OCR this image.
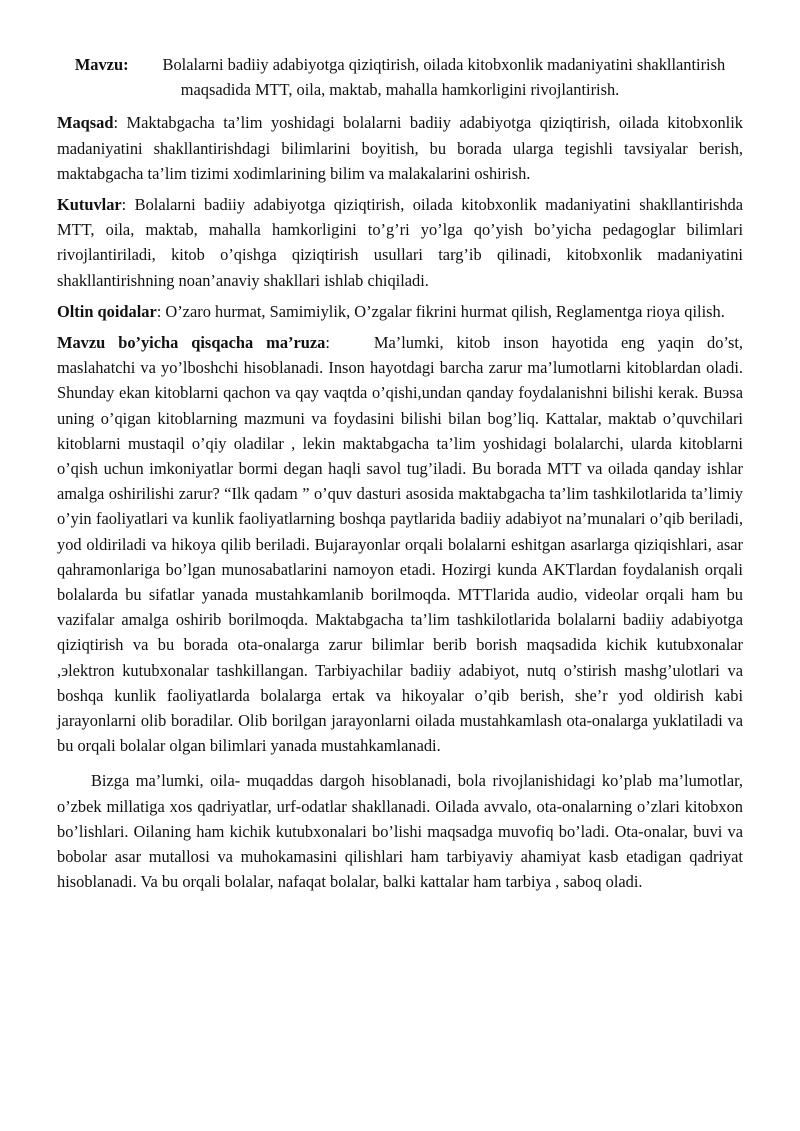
Mavzu: Bolalarni badiiy adabiyotga qiziqtirish, oilada kitobxonlik madaniyatini shakllantirish maqsadida MTT, oila, maktab, mahalla hamkorligini rivojlantirish.

Maqsad: Maktabgacha ta’lim yoshidagi bolalarni badiiy adabiyotga qiziqtirish, oilada kitobxonlik madaniyatini shakllantirishdagi bilimlarini boyitish, bu borada ularga tegishli tavsiyalar berish, maktabgacha ta’lim tizimi xodimlarining bilim va malakalarini oshirish.

Kutuvlar: Bolalarni badiiy adabiyotga qiziqtirish, oilada kitobxonlik madaniyatini shakllantirishda MTT, oila, maktab, mahalla hamkorligini to’g’ri yo’lga qo’yish bo’yicha pedagoglar bilimlari rivojlantiriladi, kitob o’qishga qiziqtirish usullari targ’ib qilinadi, kitobxonlik madaniyatini shakllantirishning noan’anaviy shakllari ishlab chiqiladi.

Oltin qoidalar: O’zaro hurmat, Samimiylik, O’zgalar fikrini hurmat qilish, Reglamentga rioya qilish.

Mavzu bo’yicha qisqacha ma’ruza:	Ma’lumki, kitob inson hayotida eng yaqin do’st, maslahatchi va yo’lboshchi hisoblanadi. Inson hayotdagi barcha zarur ma’lumotlarni kitoblardan oladi. Shunday ekan kitoblarni qachon va qay vaqtda o’qishi,undan qanday foydalanishni bilishi kerak. Buэsa uning o’qigan kitoblarning mazmuni va foydasini bilishi bilan bog’liq. Kattalar, maktab o’quvchilari kitoblarni mustaqil o’qiy oladilar , lekin maktabgacha ta’lim yoshidagi bolalarchi, ularda kitoblarni o’qish uchun imkoniyatlar bormi degan haqli savol tug’iladi. Bu borada MTT va oilada qanday ishlar amalga oshirilishi zarur? “Ilk qadam ” o’quv dasturi asosida maktabgacha ta’lim tashkilotlarida ta’limiy o’yin faoliyatlari va kunlik faoliyatlarning boshqa paytlarida badiiy adabiyot na’munalari o’qib beriladi, yod oldiriladi va hikoya qilib beriladi. Bujarayonlar orqali bolalarni eshitgan asarlarga qiziqishlari, asar qahramonlariga bo’lgan munosabatlarini namoyon etadi. Hozirgi kunda AKTlardan foydalanish orqali bolalarda bu sifatlar yanada mustahkamlanib borilmoqda. MTTlarida audio, videolar orqali ham bu vazifalar amalga oshirib borilmoqda. Maktabgacha ta’lim tashkilotlarida bolalarni badiiy adabiyotga qiziqtirish va bu borada ota-onalarga zarur bilimlar berib borish maqsadida kichik kutubxonalar ,эlektron kutubxonalar tashkillangan. Tarbiyachilar badiiy adabiyot, nutq o’stirish mashg’ulotlari va boshqa kunlik faoliyatlarda bolalarga ertak va hikoyalar o’qib berish, she’r yod oldirish kabi jarayonlarni olib boradilar. Olib borilgan jarayonlarni oilada mustahkamlash ota-onalarga yuklatiladi va bu orqali bolalar olgan bilimlari yanada mustahkamlanadi.

Bizga ma’lumki, oila- muqaddas dargoh hisoblanadi, bola rivojlanishidagi ko’plab ma’lumotlar, o’zbek millatiga xos qadriyatlar, urf-odatlar shakllanadi. Oilada avvalo, ota-onalarning o’zlari kitobxon bo’lishlari. Oilaning ham kichik kutubxonalari bo’lishi maqsadga muvofiq bo’ladi. Ota-onalar, buvi va bobolar asar mutallosi va muhokamasini qilishlari ham tarbiyaviy ahamiyat kasb etadigan qadriyat hisoblanadi. Va bu orqali bolalar, nafaqat bolalar, balki kattalar ham tarbiya , saboq oladi.
